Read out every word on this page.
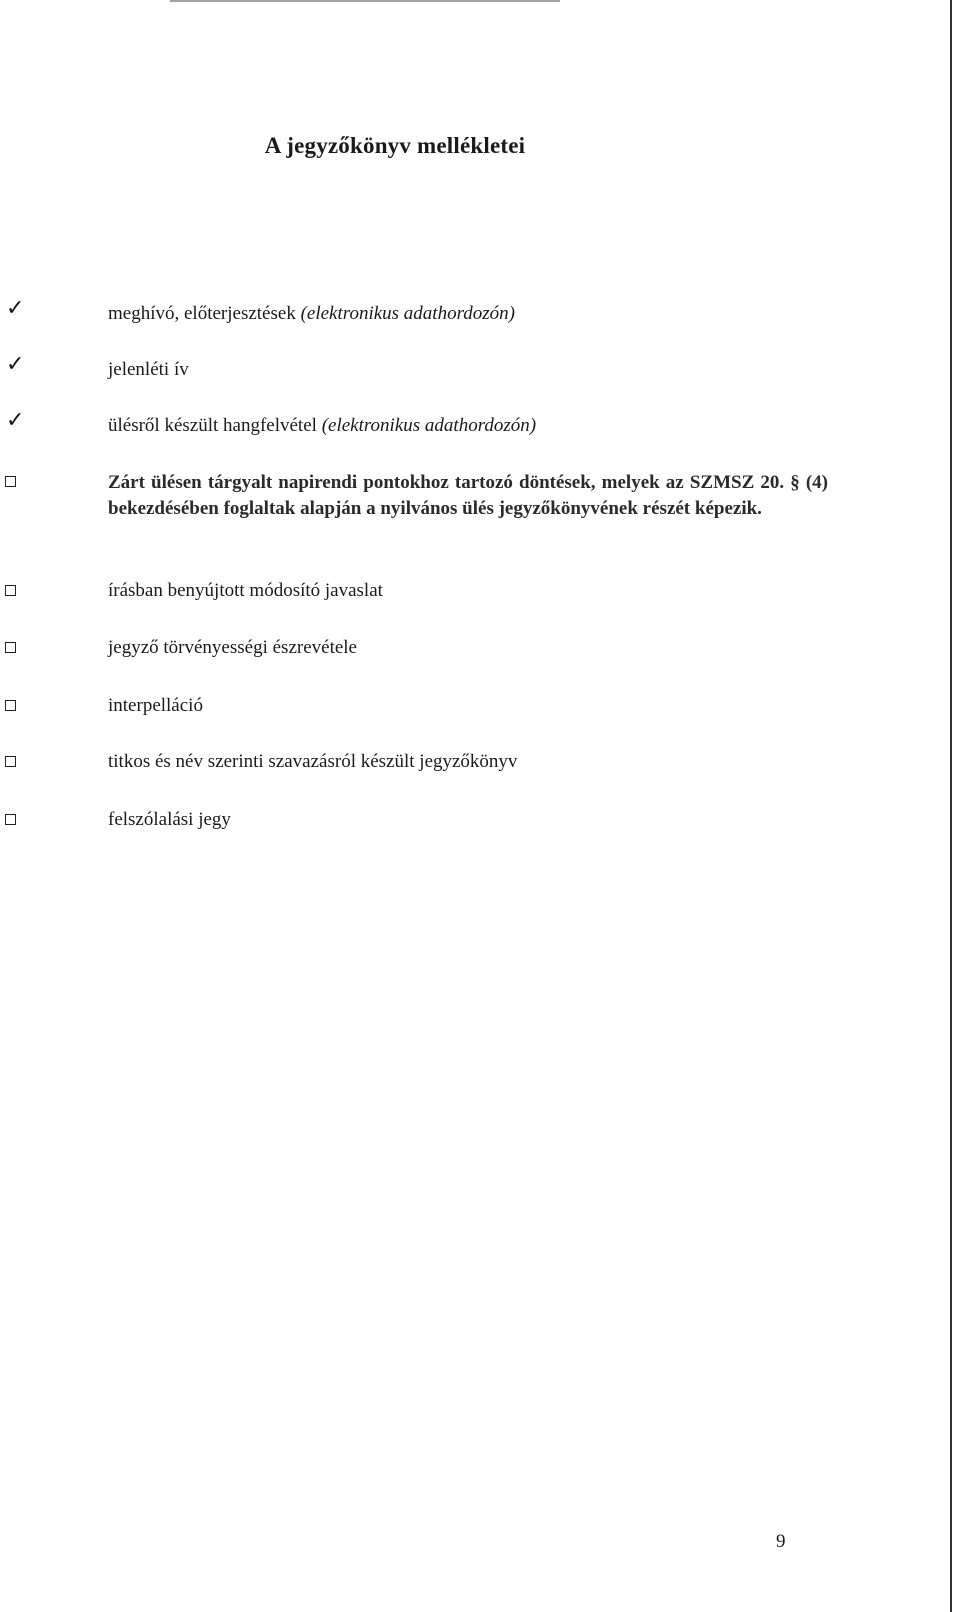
A jegyzőkönyv mellékletei
✓	meghívó, előterjesztések (elektronikus adathordozón)
✓	jelenléti ív
✓	ülésről készült hangfelvétel (elektronikus adathordozón)
Zárt ülésen tárgyalt napirendi pontokhoz tartozó döntések, melyek az SZMSZ 20. § (4) bekezdésében foglaltak alapján a nyilvános ülés jegyzőkönyvének részét képezik.
írásban benyújtott módosító javaslat
jegyző törvényességi észrevétele
interpelláció
titkos és név szerinti szavazásról készült jegyzőkönyv
felszólalási jegy
9
